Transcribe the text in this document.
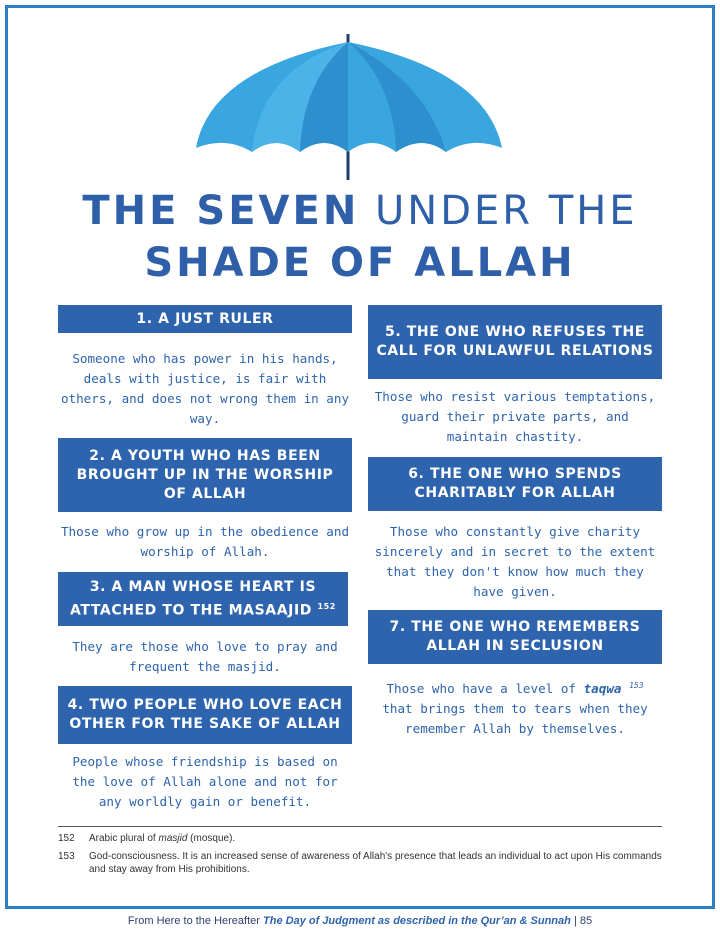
THE SEVEN UNDER THE
SHADE OF ALLAH
1. A JUST RULER
Someone who has power in his hands, deals with justice, is fair with others, and does not wrong them in any way.
2. A YOUTH WHO HAS BEEN BROUGHT UP IN THE WORSHIP OF ALLAH
Those who grow up in the obedience and worship of Allah.
3. A MAN WHOSE HEART IS ATTACHED TO THE MASAAJID $^{152}$
They are those who love to pray and frequent the masjid.
4. TWO PEOPLE WHO LOVE EACH OTHER FOR THE SAKE OF ALLAH
People whose friendship is based on the love of Allah alone and not for any worldly gain or benefit.
5. THE ONE WHO REFUSES THE CALL FOR UNLAWFUL RELATIONS
Those who resist various temptations, guard their private parts, and maintain chastity.
6. THE ONE WHO SPENDS CHARITABLY FOR ALLAH
Those who constantly give charity sincerely and in secret to the extent that they don't know how much they have given.
7. THE ONE WHO REMEMBERS ALLAH IN SECLUSION
Those who have a level of taqwa $^{153}$ that brings them to tears when they remember Allah by themselves.
152 Arabic plural of masjid (mosque).
153 God-consciousness. It is an increased sense of awareness of Allah's presence that leads an individual to act upon His commands and stay away from His prohibitions.
From Here to the Hereafter The Day of Judgment as described in the Qur’an & Sunnah | 85
